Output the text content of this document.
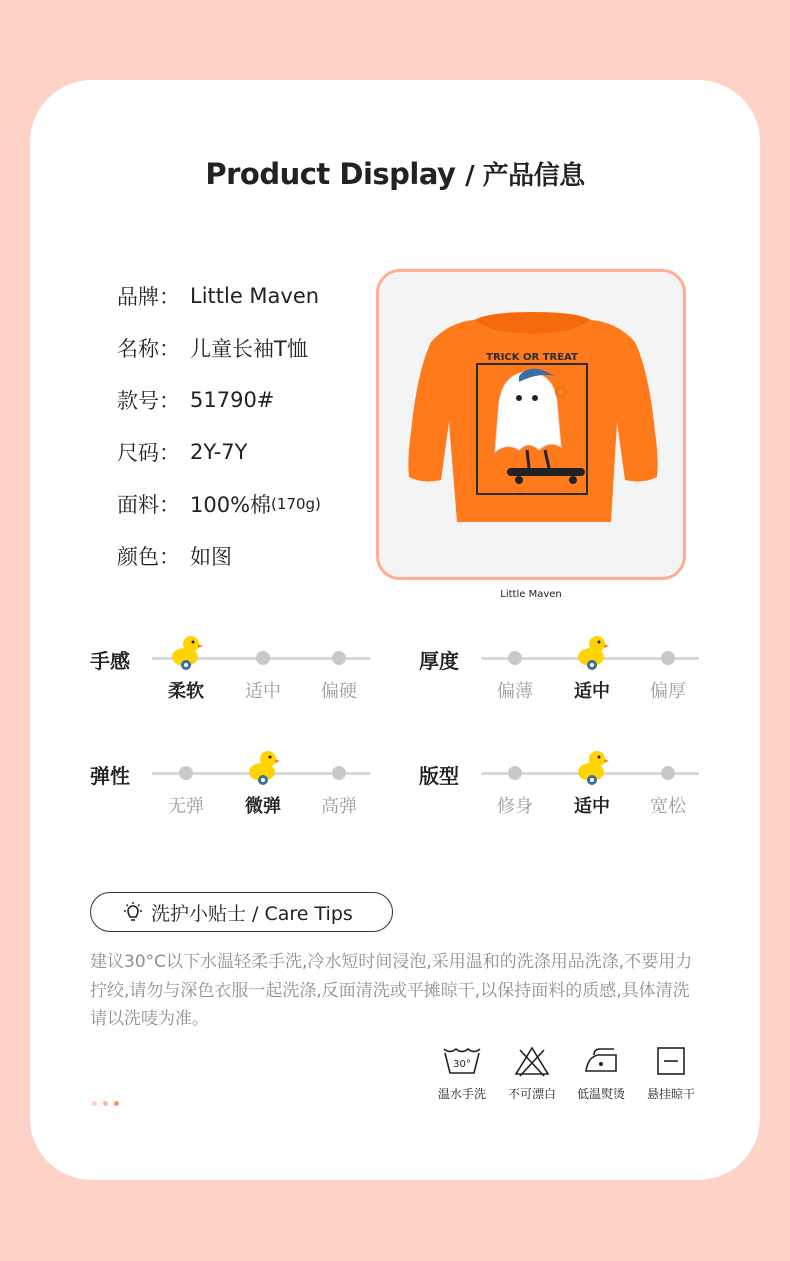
Product Display / 产品信息
品牌： Little Maven
名称： 儿童长袖T恤
款号： 51790#
尺码： 2Y-7Y
面料： 100%棉 (170g)
颜色： 如图
TRICK OR TREAT
Little Maven
手感
柔软	适中	偏硬
厚度
偏薄	适中	偏厚
弹性
无弹	微弹	高弹
版型
修身	适中	宽松
洗护小贴士 / Care Tips
建议30°C以下水温轻柔手洗,冷水短时间浸泡,采用温和的洗涤用品洗涤,不要用力拧绞,请勿与深色衣服一起洗涤,反面清洗或平摊晾干,以保持面料的质感,具体清洗请以洗唛为准。
30°
温水手洗	不可漂白	低温熨烫	悬挂晾干
